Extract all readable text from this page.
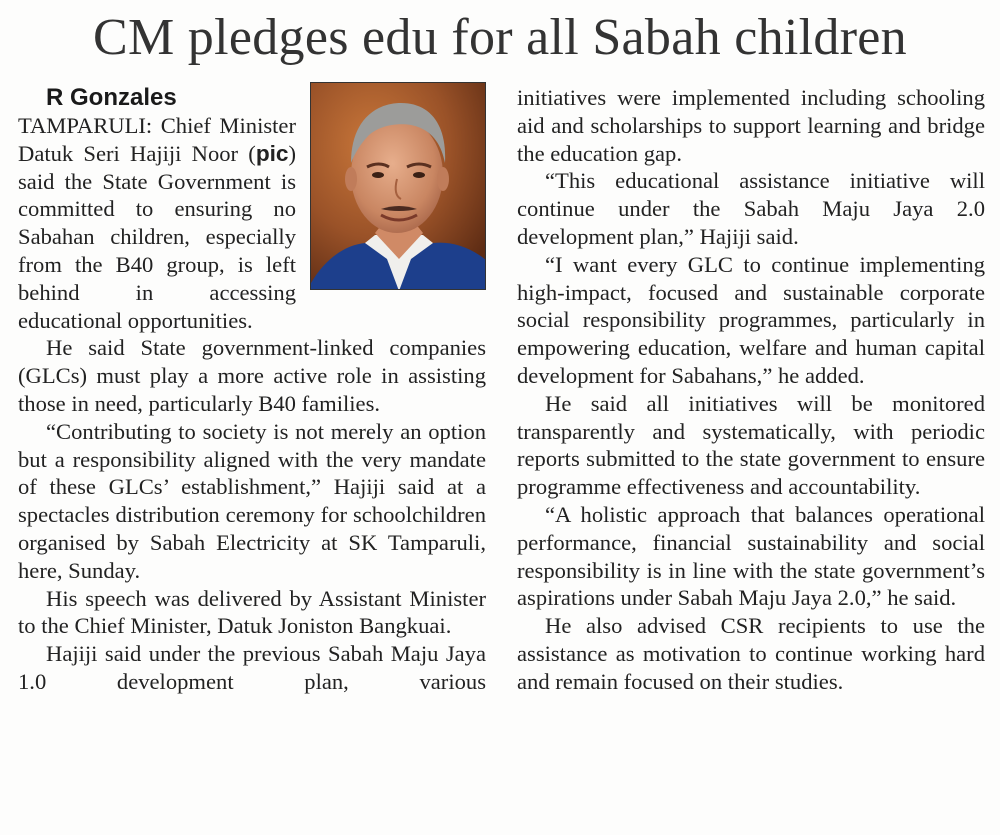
CM pledges edu for all Sabah children

R Gonzales

TAMPARULI: Chief Minister Datuk Seri Hajiji Noor (pic) said the State Government is committed to ensuring no Sabahan children, especially from the B40 group, is left behind in accessing educational opportunities.

He said State government-linked companies (GLCs) must play a more active role in assisting those in need, particularly B40 families.

“Contributing to society is not merely an option but a responsibility aligned with the very mandate of these GLCs’ establishment,” Hajiji said at a spectacles distribution ceremony for schoolchildren organised by Sabah Electricity at SK Tamparuli, here, Sunday.

His speech was delivered by Assistant Minister to the Chief Minister, Datuk Joniston Bangkuai.

Hajiji said under the previous Sabah Maju Jaya 1.0 development plan, various

initiatives were implemented including schooling aid and scholarships to support learning and bridge the education gap.

“This educational assistance initiative will continue under the Sabah Maju Jaya 2.0 development plan,” Hajiji said.

“I want every GLC to continue implementing high-impact, focused and sustainable corporate social responsibility programmes, particularly in empowering education, welfare and human capital development for Sabahans,” he added.

He said all initiatives will be monitored transparently and systematically, with periodic reports submitted to the state government to ensure programme effectiveness and accountability.

“A holistic approach that balances operational performance, financial sustainability and social responsibility is in line with the state government’s aspirations under Sabah Maju Jaya 2.0,” he said.

He also advised CSR recipients to use the assistance as motivation to continue working hard and remain focused on their studies.
